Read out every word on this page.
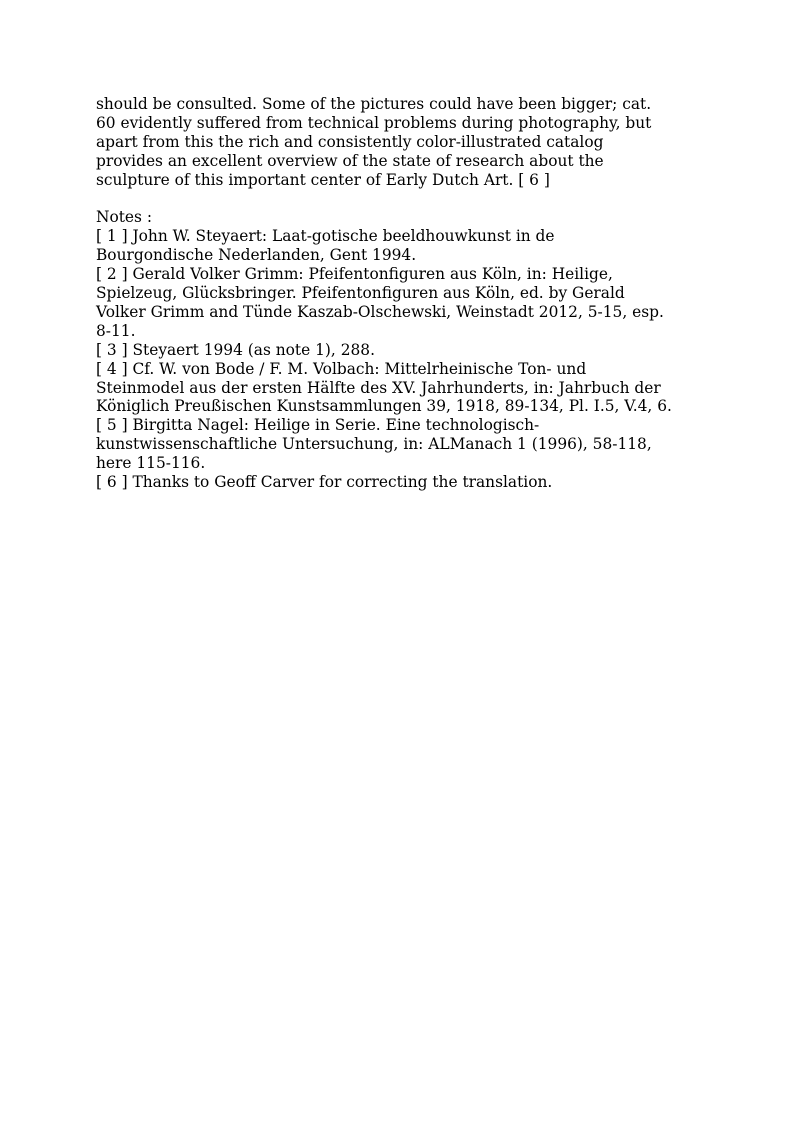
should be consulted. Some of the pictures could have been bigger; cat.
60 evidently suffered from technical problems during photography, but
apart from this the rich and consistently color-illustrated catalog
provides an excellent overview of the state of research about the
sculpture of this important center of Early Dutch Art. [ 6 ]
Notes :
[ 1 ] John W. Steyaert: Laat-gotische beeldhouwkunst in de
Bourgondische Nederlanden, Gent 1994.
[ 2 ] Gerald Volker Grimm: Pfeifentonfiguren aus Köln, in: Heilige,
Spielzeug, Glücksbringer. Pfeifentonfiguren aus Köln, ed. by Gerald
Volker Grimm and Tünde Kaszab-Olschewski, Weinstadt 2012, 5-15, esp.
8-11.
[ 3 ] Steyaert 1994 (as note 1), 288.
[ 4 ] Cf. W. von Bode / F. M. Volbach: Mittelrheinische Ton- und
Steinmodel aus der ersten Hälfte des XV. Jahrhunderts, in: Jahrbuch der
Königlich Preußischen Kunstsammlungen 39, 1918, 89-134, Pl. I.5, V.4, 6.
[ 5 ] Birgitta Nagel: Heilige in Serie. Eine technologisch-
kunstwissenschaftliche Untersuchung, in: ALManach 1 (1996), 58-118,
here 115-116.
[ 6 ] Thanks to Geoff Carver for correcting the translation.
